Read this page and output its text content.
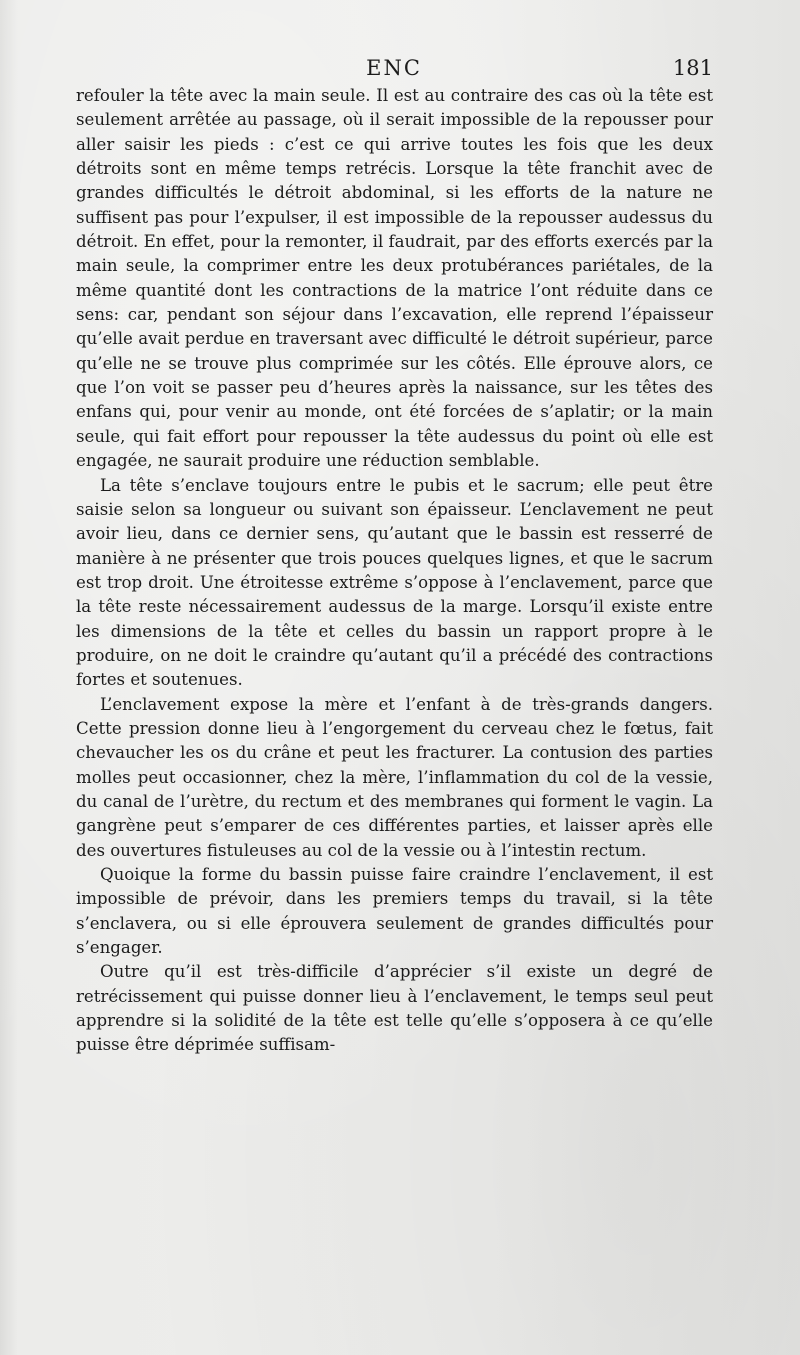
ENC	181

refouler la tête avec la main seule. Il est au contraire des cas où la tête est seulement arrêtée au passage, où il serait impossible de la repousser pour aller saisir les pieds : c’est ce qui arrive toutes les fois que les deux détroits sont en même temps retrécis. Lorsque la tête franchit avec de grandes difficultés le détroit abdominal, si les efforts de la nature ne suffisent pas pour l’expulser, il est impossible de la repousser audessus du détroit. En effet, pour la remonter, il faudrait, par des efforts exercés par la main seule, la comprimer entre les deux protubérances pariétales, de la même quantité dont les contractions de la matrice l’ont réduite dans ce sens: car, pendant son séjour dans l’excavation, elle reprend l’épaisseur qu’elle avait perdue en traversant avec difficulté le détroit supérieur, parce qu’elle ne se trouve plus comprimée sur les côtés. Elle éprouve alors, ce que l’on voit se passer peu d’heures après la naissance, sur les têtes des enfans qui, pour venir au monde, ont été forcées de s’aplatir; or la main seule, qui fait effort pour repousser la tête audessus du point où elle est engagée, ne saurait produire une réduction semblable.

La tête s’enclave toujours entre le pubis et le sacrum; elle peut être saisie selon sa longueur ou suivant son épaisseur. L’enclavement ne peut avoir lieu, dans ce dernier sens, qu’autant que le bassin est resserré de manière à ne présenter que trois pouces quelques lignes, et que le sacrum est trop droit. Une étroitesse extrême s’oppose à l’enclavement, parce que la tête reste nécessairement audessus de la marge. Lorsqu’il existe entre les dimensions de la tête et celles du bassin un rapport propre à le produire, on ne doit le craindre qu’autant qu’il a précédé des contractions fortes et soutenues.

L’enclavement expose la mère et l’enfant à de très-grands dangers. Cette pression donne lieu à l’engorgement du cerveau chez le fœtus, fait chevaucher les os du crâne et peut les fracturer. La contusion des parties molles peut occasionner, chez la mère, l’inflammation du col de la vessie, du canal de l’urètre, du rectum et des membranes qui forment le vagin. La gangrène peut s’emparer de ces différentes parties, et laisser après elle des ouvertures fistuleuses au col de la vessie ou à l’intestin rectum.

Quoique la forme du bassin puisse faire craindre l’enclavement, il est impossible de prévoir, dans les premiers temps du travail, si la tête s’enclavera, ou si elle éprouvera seulement de grandes difficultés pour s’engager.

Outre qu’il est très-difficile d’apprécier s’il existe un degré de retrécissement qui puisse donner lieu à l’enclavement, le temps seul peut apprendre si la solidité de la tête est telle qu’elle s’opposera à ce qu’elle puisse être déprimée suffisam-
